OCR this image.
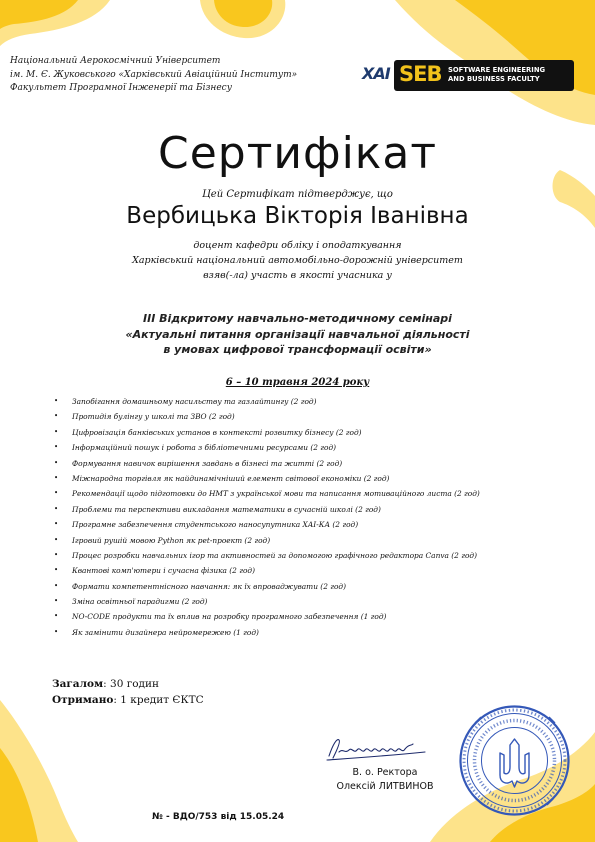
Національний Аерокосмічний Університет
ім. М. Є. Жуковського «Харківський Авіаційний Інститут»
Факультет Програмної Інженерії та Бізнесу
XAI SEB SOFTWARE ENGINEERING
AND BUSINESS FACULTY
Сертифікат
Цей Сертифікат підтверджує, що
Вербицька Вікторія Іванівна
доцент кафедри обліку і оподаткування
Харківський національний автомобільно-дорожній університет
взяв(-ла) участь в якості учасника у
ІІІ Відкритому навчально-методичному семінарі
«Актуальні питання організації навчальної діяльності
в умовах цифрової трансформації освіти»
6 – 10 травня 2024 року
• Запобігання домашньому насильству та газлайтингу (2 год)
• Протидія булінгу у школі та ЗВО (2 год)
• Цифровізація банківських установ в контексті розвитку бізнесу (2 год)
• Інформаційний пошук і робота з бібліотечними ресурсами (2 год)
• Формування навичок вирішення завдань в бізнесі та житті (2 год)
• Міжнародна торгівля як найдинамічніший елемент світової економіки (2 год)
• Рекомендації щодо підготовки до НМТ з української мови та написання мотиваційного листа (2 год)
• Проблеми та перспективи викладання математики в сучасній школі (2 год)
• Програмне забезпечення студентського наносупутника ХАІ-КА (2 год)
• Ігровий рушій мовою Python як pet-проект (2 год)
• Процес розробки навчальних ігор та активностей за допомогою графічного редактора Canva (2 год)
• Квантові комп'ютери і сучасна фізика (2 год)
• Формати компетентнісного навчання: як їх впроваджувати (2 год)
• Зміна освітньої парадигми (2 год)
• NO-CODE продукти та їх вплив на розробку програмного забезпечення (1 год)
• Як замінити дизайнера нейромережею (1 год)
Загалом: 30 годин
Отримано: 1 кредит ЄКТС
В. о. Ректора
Олексій ЛИТВИНОВ
№ - ВДО/753 від 15.05.24
